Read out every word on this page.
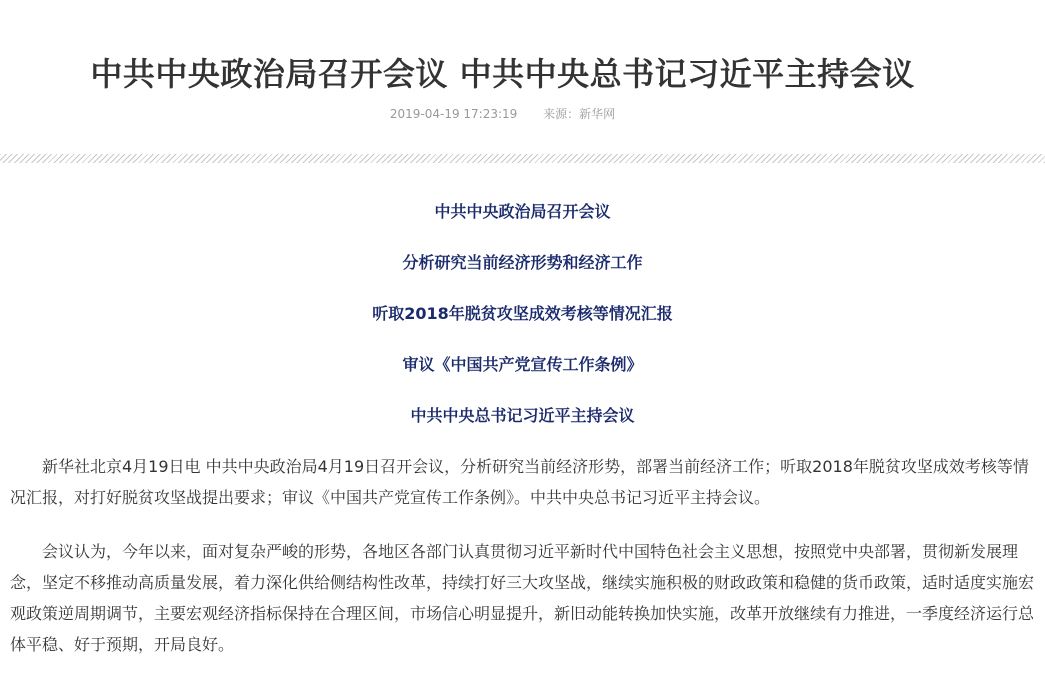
中共中央政治局召开会议 中共中央总书记习近平主持会议
2019-04-19 17:23:19 来源：新华网
中共中央政治局召开会议
分析研究当前经济形势和经济工作
听取2018年脱贫攻坚成效考核等情况汇报
审议《中国共产党宣传工作条例》
中共中央总书记习近平主持会议

新华社北京4月19日电 中共中央政治局4月19日召开会议，分析研究当前经济形势，部署当前经济工作；听取2018年脱贫攻坚成效考核等情况汇报，对打好脱贫攻坚战提出要求；审议《中国共产党宣传工作条例》。中共中央总书记习近平主持会议。

会议认为，今年以来，面对复杂严峻的形势，各地区各部门认真贯彻习近平新时代中国特色社会主义思想，按照党中央部署，贯彻新发展理念，坚定不移推动高质量发展，着力深化供给侧结构性改革，持续打好三大攻坚战，继续实施积极的财政政策和稳健的货币政策，适时适度实施宏观政策逆周期调节，主要宏观经济指标保持在合理区间，市场信心明显提升，新旧动能转换加快实施，改革开放继续有力推进，一季度经济运行总体平稳、好于预期，开局良好。
